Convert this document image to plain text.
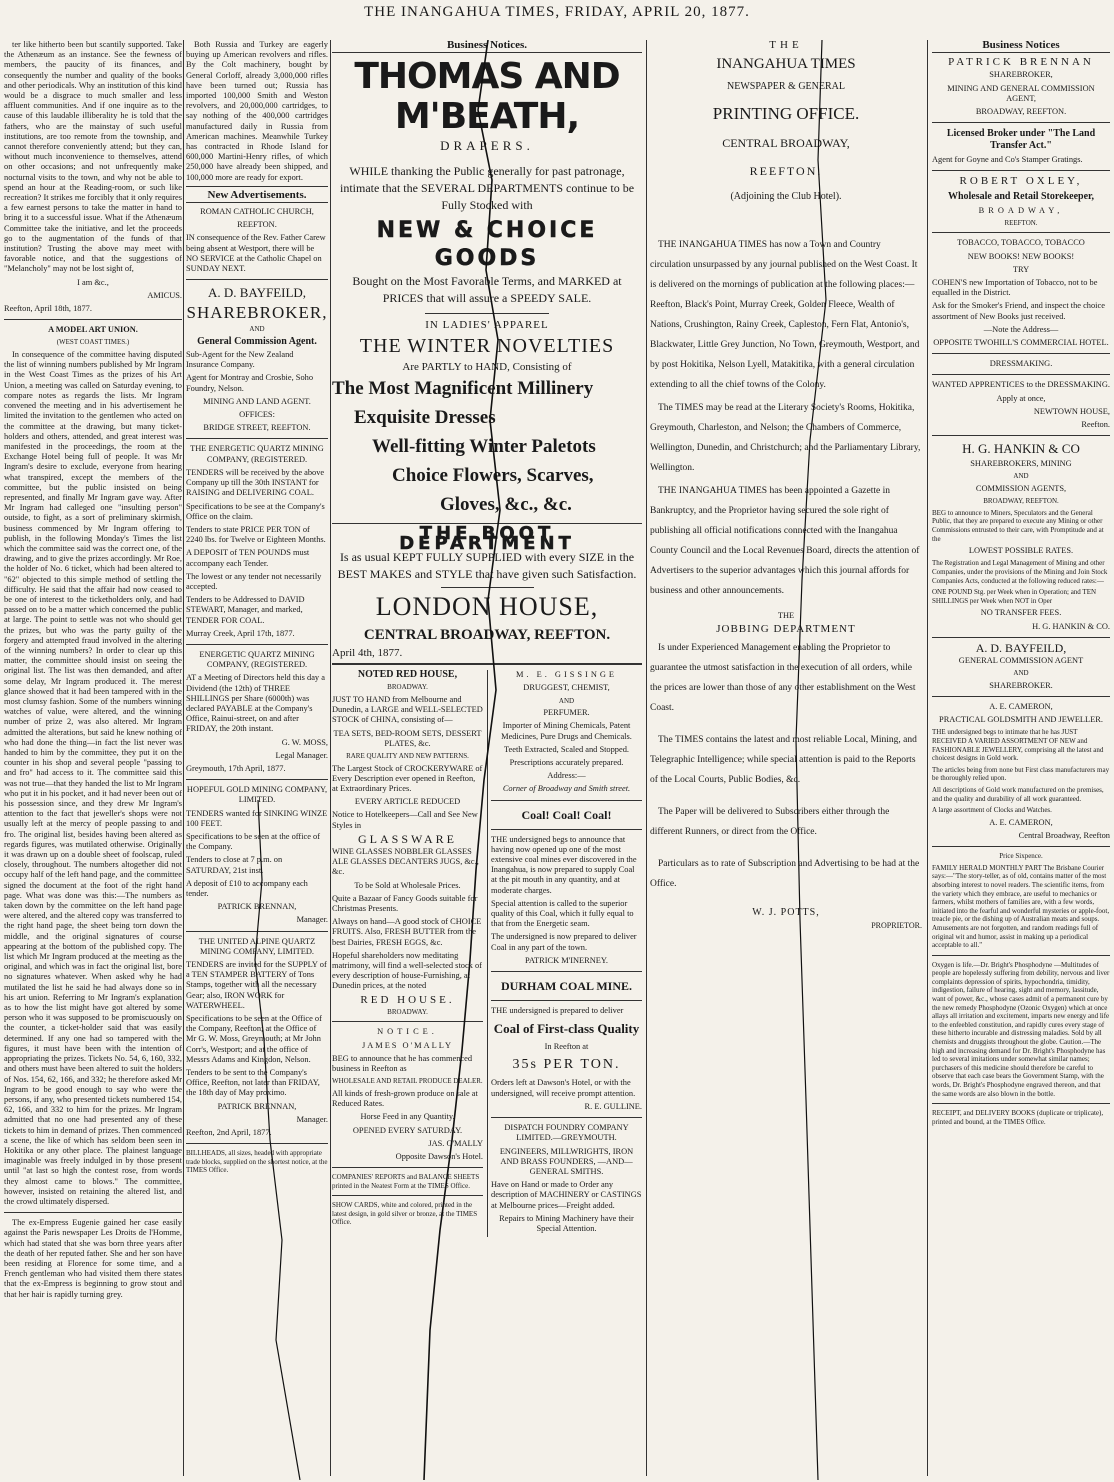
THE INANGAHUA TIMES, FRIDAY, APRIL 20, 1877.

ter like hitherto been but scantily supported. Take the Athenæum as an instance. See the fewness of members, the paucity of its finances, and consequently the number and quality of the books and other periodicals. Why an institution of this kind would be a disgrace to much smaller and less affluent communities. And if one inquire as to the cause of this laudable illiberality he is told that the fathers, who are the mainstay of such useful institutions, are too remote from the township, and cannot therefore conveniently attend; but they can, without much inconvenience to themselves, attend on other occasions; and not unfrequently make nocturnal visits to the town, and why not be able to spend an hour at the Reading-room, or such like recreation? It strikes me forcibly that it only requires a few earnest persons to take the matter in hand to bring it to a successful issue. What if the Athenæum Committee take the initiative, and let the proceeds go to the augmentation of the funds of that institution? Trusting the above may meet with favorable notice, and that the suggestions of "Melancholy" may not be lost sight of,

I am &c.,

AMICUS.

Reefton, April 18th, 1877.

A MODEL ART UNION.

(WEST COAST TIMES.)

In consequence of the committee having disputed the list of winning numbers published by Mr Ingram in the West Coast Times as the prizes of his Art Union, a meeting was called on Saturday evening, to compare notes as regards the lists. Mr Ingram convened the meeting and in his advertisement he limited the invitation to the gentlemen who acted on the committee at the drawing, but many ticket-holders and others, attended, and great interest was manifested in the proceedings, the room at the Exchange Hotel being full of people. It was Mr Ingram's desire to exclude, everyone from hearing what transpired, except the members of the committee, but the public insisted on being represented, and finally Mr Ingram gave way. After Mr Ingram had calleged one "insulting person" outside, to fight, as a sort of preliminary skirmish, business commenced by Mr Ingram offering to publish, in the following Monday's Times the list which the committee said was the correct one, of the drawing, and to give the prizes accordingly. Mr Roe, the holder of No. 6 ticket, which had been altered to "62" objected to this simple method of settling the difficulty. He said that the affair had now ceased to be one of interest to the ticketholders only, and had passed on to be a matter which concerned the public at large. The point to settle was not who should get the prizes, but who was the party guilty of the forgery and attempted fraud involved in the altering of the winning numbers? In order to clear up this matter, the committee should insist on seeing the original list. The list was then demanded, and after some delay, Mr Ingram produced it. The merest glance showed that it had been tampered with in the most clumsy fashion. Some of the numbers winning watches of value, were altered, and the winning number of prize 2, was also altered. Mr Ingram admitted the alterations, but said he knew nothing of who had done the thing—in fact the list never was handed to him by the committee, they put it on the counter in his shop and several people "passing to and fro" had access to it. The committee said this was not true—that they handed the list to Mr Ingram who put it in his pocket, and it had never been out of his possession since, and they drew Mr Ingram's attention to the fact that jeweller's shops were not usually left at the mercy of people passing to and fro. The original list, besides having been altered as regards figures, was mutilated otherwise. Originally it was drawn up on a double sheet of foolscap, ruled closely, throughout. The numbers altogether did not occupy half of the left hand page, and the committee signed the document at the foot of the right hand page. What was done was this:—The numbers as taken down by the committee on the left hand page were altered, and the altered copy was transferred to the right hand page, the sheet being torn down the middle, and the original signatures of course appearing at the bottom of the published copy. The list which Mr Ingram produced at the meeting as the original, and which was in fact the original list, bore no signatures whatever. When asked why he had mutilated the list he said he had always done so in his art union. Referring to Mr Ingram's explanation as to how the list might have got altered by some person who it was supposed to be promiscuously on the counter, a ticket-holder said that was easily determined. If any one had so tampered with the figures, it must have been with the intention of appropriating the prizes. Tickets No. 54, 6, 160, 332, and others must have been altered to suit the holders of Nos. 154, 62, 166, and 332; he therefore asked Mr Ingram to be good enough to say who were the persons, if any, who presented tickets numbered 154, 62, 166, and 332 to him for the prizes. Mr Ingram admitted that no one had presented any of these tickets to him in demand of prizes. Then commenced a scene, the like of which has seldom been seen in Hokitika or any other place. The plainest language imaginable was freely indulged in by those present until "at last so high the contest rose, from words they almost came to blows." The committee, however, insisted on retaining the altered list, and the crowd ultimately dispersed.

The ex-Empress Eugenie gained her case easily against the Paris newspaper Les Droits de l'Homme, which had stated that she was born three years after the death of her reputed father. She and her son have been residing at Florence for some time, and a French gentleman who had visited them there states that the ex-Empress is beginning to grow stout and that her hair is rapidly turning grey.

Both Russia and Turkey are eagerly buying up American revolvers and rifles. By the Colt machinery, bought by General Corloff, already 3,000,000 rifles have been turned out; Russia has imported 100,000 Smith and Weston revolvers, and 20,000,000 cartridges, to say nothing of the 400,000 cartridges manufactured daily in Russia from American machines. Meanwhile Turkey has contracted in Rhode Island for 600,000 Martini-Henry rifles, of which 250,000 have already been shipped, and 100,000 more are ready for export.

New Advertisements.

ROMAN CATHOLIC CHURCH,

REEFTON.

IN consequence of the Rev. Father Carew being absent at Westport, there will be NO SERVICE at the Catholic Chapel on SUNDAY NEXT.

A. D. BAYFEILD,

SHAREBROKER,

AND

General Commission Agent.

Sub-Agent for the New Zealand Insurance Company.

Agent for Montray and Crosbie, Soho Foundry, Nelson.

MINING AND LAND AGENT.

OFFICES:

BRIDGE STREET, REEFTON.

THE ENERGETIC QUARTZ MINING COMPANY, (REGISTERED.

TENDERS will be received by the above Company up till the 30th INSTANT for RAISING and DELIVERING COAL.

Specifications to be see at the Company's Office on the claim.

Tenders to state PRICE PER TON of 2240 lbs. for Twelve or Eighteen Months.

A DEPOSIT of TEN POUNDS must accompany each Tender.

The lowest or any tender not necessarily accepted.

Tenders to be Addressed to DAVID STEWART, Manager, and marked, TENDER FOR COAL.

Murray Creek, April 17th, 1877.

ENERGETIC QUARTZ MINING COMPANY, (REGISTERED.

AT a Meeting of Directors held this day a Dividend (the 12th) of THREE SHILLINGS per Share (6000th) was declared PAYABLE at the Company's Office, Rainui-street, on and after FRIDAY, the 20th instant.

G. W. MOSS,

Legal Manager.

Greymouth, 17th April, 1877.

HOPEFUL GOLD MINING COMPANY, LIMITED.

TENDERS wanted for SINKING WINZE 100 FEET.

Specifications to be seen at the office of the Company.

Tenders to close at 7 p.m. on SATURDAY, 21st inst.

A deposit of £10 to accompany each tender.

PATRICK BRENNAN,

Manager.

THE UNITED ALPINE QUARTZ MINING COMPANY, LIMITED.

TENDERS are invited for the SUPPLY of a TEN STAMPER BATTERY of Tons Stamps, together with all the necessary Gear; also, IRON WORK for WATERWHEEL.

Specifications to be seen at the Office of the Company, Reefton; at the Office of Mr G. W. Moss, Greymouth; at Mr John Corr's, Westport; and at the office of Messrs Adams and Kingdon, Nelson.

Tenders to be sent to the Company's Office, Reefton, not later than FRIDAY, the 18th day of May proximo.

PATRICK BRENNAN,

Manager.

Reefton, 2nd April, 1877.

BILLHEADS, all sizes, headed with appropriate trade blocks, supplied on the shortest notice, at the TIMES Office.

Business Notices.
THOMAS AND M'BEATH,

DRAPERS.

WHILE thanking the Public generally for past patronage, intimate that the SEVERAL DEPARTMENTS continue to be Fully Stocked with

NEW & CHOICE GOODS

Bought on the Most Favorable Terms, and MARKED at PRICES that will assure a SPEEDY SALE.

IN LADIES' APPAREL

THE WINTER NOVELTIES

Are PARTLY to HAND, Consisting of

The Most Magnificent Millinery

Exquisite Dresses

Well-fitting Winter Paletots

Choice Flowers, Scarves,

Gloves, &c., &c.

THE BOOT DEPARTMENT

Is as usual KEPT FULLY SUPPLIED with every SIZE in the BEST MAKES and STYLE that have given such Satisfaction.

LONDON HOUSE,

CENTRAL BROADWAY, REEFTON.

April 4th, 1877.

NOTED RED HOUSE,

BROADWAY.

JUST TO HAND from Melbourne and Dunedin, a LARGE and WELL-SELECTED STOCK of CHINA, consisting of—

TEA SETS, BED-ROOM SETS, DESSERT PLATES, &c.

RARE QUALITY AND NEW PATTERNS.

The Largest Stock of CROCKERYWARE of Every Description ever opened in Reefton, at Extraordinary Prices.

EVERY ARTICLE REDUCED

Notice to Hotelkeepers—Call and See New Styles in

GLASSWARE

WINE GLASSES NOBBLER GLASSES ALE GLASSES DECANTERS JUGS, &c., &c.

To be Sold at Wholesale Prices.

Quite a Bazaar of Fancy Goods suitable for Christmas Presents.

Always on hand—A good stock of CHOICE FRUITS. Also, FRESH BUTTER from the best Dairies, FRESH EGGS, &c.

Hopeful shareholders now meditating matrimony, will find a well-selected stock of every description of house-Furnishing, at Dunedin prices, at the noted

RED HOUSE.

BROADWAY.

NOTICE.

JAMES O'MALLY

BEG to announce that he has commenced business in Reefton as

WHOLESALE AND RETAIL PRODUCE DEALER.

All kinds of fresh-grown produce on sale at Reduced Rates.

Horse Feed in any Quantity.

OPENED EVERY SATURDAY.

JAS. O'MALLY

Opposite Dawson's Hotel.

COMPANIES' REPORTS and BALANCE SHEETS printed in the Neatest Form at the TIMES Office.

SHOW CARDS, white and colored, printed in the latest design, in gold silver or bronze, at the TIMES Office.

M. E. GISSINGE

DRUGGEST, CHEMIST,

AND

PERFUMER.

Importer of Mining Chemicals, Patent Medicines, Pure Drugs and Chemicals.

Teeth Extracted, Scaled and Stopped.

Prescriptions accurately prepared.

Address:—

Corner of Broadway and Smith street.

Coal! Coal! Coal!

THE undersigned begs to announce that having now opened up one of the most extensive coal mines ever discovered in the Inangahua, is now prepared to supply Coal at the pit mouth in any quantity, and at moderate charges.

Special attention is called to the superior quality of this Coal, which it fully equal to that from the Energetic seam.

The undersigned is now prepared to deliver Coal in any part of the town.

PATRICK M'INERNEY.

DURHAM COAL MINE.

THE undersigned is prepared to deliver

Coal of First-class Quality

In Reefton at

35s PER TON.

Orders left at Dawson's Hotel, or with the undersigned, will receive prompt attention.

R. E. GULLINE.

DISPATCH FOUNDRY COMPANY LIMITED.—GREYMOUTH.

ENGINEERS, MILLWRIGHTS, IRON AND BRASS FOUNDERS, —AND— GENERAL SMITHS.

Have on Hand or made to Order any description of MACHINERY or CASTINGS at Melbourne prices—Freight added.

Repairs to Mining Machinery have their Special Attention.

THE

INANGAHUA TIMES

NEWSPAPER & GENERAL

PRINTING OFFICE.

CENTRAL BROADWAY,

REEFTON.

(Adjoining the Club Hotel).

THE INANGAHUA TIMES has now a Town and Country circulation unsurpassed by any journal published on the West Coast. It is delivered on the mornings of publication at the following places:—Reefton, Black's Point, Murray Creek, Golden Fleece, Wealth of Nations, Crushington, Rainy Creek, Capleston, Fern Flat, Antonio's, Blackwater, Little Grey Junction, No Town, Greymouth, Westport, and by post Hokitika, Nelson Lyell, Matakitika, with a general circulation extending to all the chief towns of the Colony.

The TIMES may be read at the Literary Society's Rooms, Hokitika, Greymouth, Charleston, and Nelson; the Chambers of Commerce, Wellington, Dunedin, and Christchurch; and the Parliamentary Library, Wellington.

THE INANGAHUA TIMES has been appointed a Gazette in Bankruptcy, and the Proprietor having secured the sole right of publishing all official notifications connected with the Inangahua County Council and the Local Revenues Board, directs the attention of Advertisers to the superior advantages which this journal affords for business and other announcements.

THE

JOBBING DEPARTMENT

Is under Experienced Management enabling the Proprietor to guarantee the utmost satisfaction in the execution of all orders, while the prices are lower than those of any other establishment on the West Coast.

The TIMES contains the latest and most reliable Local, Mining, and Telegraphic Intelligence; while special attention is paid to the Reports of the Local Courts, Public Bodies, &c.

The Paper will be delivered to Subscribers either through the different Runners, or direct from the Office.

Particulars as to rate of Subscription and Advertising to be had at the Office.

W. J. POTTS,

PROPRIETOR.

Business Notices

PATRICK BRENNAN

SHAREBROKER,

MINING AND GENERAL COMMISSION AGENT,

BROADWAY, REEFTON.

Licensed Broker under "The Land Transfer Act."

Agent for Goyne and Co's Stamper Gratings.

ROBERT OXLEY,

Wholesale and Retail Storekeeper,

BROADWAY,

REEFTON.

TOBACCO, TOBACCO, TOBACCO

NEW BOOKS! NEW BOOKS!

TRY

COHEN'S new Importation of Tobacco, not to be equalled in the District.

Ask for the Smoker's Friend, and inspect the choice assortment of New Books just received.

—Note the Address—

OPPOSITE TWOHILL'S COMMERCIAL HOTEL.

DRESSMAKING.

WANTED APPRENTICES to the DRESSMAKING.

Apply at once,

NEWTOWN HOUSE,

Reefton.

H. G. HANKIN & CO

SHAREBROKERS, MINING

AND

COMMISSION AGENTS,

BROADWAY, REEFTON.

BEG to announce to Miners, Speculators and the General Public, that they are prepared to execute any Mining or other Commissions entrusted to their care, with Promptitude and at the

LOWEST POSSIBLE RATES.

The Registration and Legal Management of Mining and other Companies, under the provisions of the Mining and Join Stock Companies Acts, conducted at the following reduced rates:—

ONE POUND Stg. per Week when in Operation; and TEN SHILLINGS per Week when NOT in Oper

NO TRANSFER FEES.

H. G. HANKIN & CO.

A. D. BAYFEILD,

GENERAL COMMISSION AGENT

AND

SHAREBROKER.

A. E. CAMERON,

PRACTICAL GOLDSMITH AND JEWELLER.

THE undersigned begs to intimate that he has JUST RECEIVED A VARIED ASSORTMENT OF NEW and FASHIONABLE JEWELLERY, comprising all the latest and choicest designs in Gold work.

The articles being from none but First class manufacturers may be thoroughly relied upon.

All descriptions of Gold work manufactured on the premises, and the quality and durability of all work guaranteed.

A large assortment of Clocks and Watches.

A. E. CAMERON,

Central Broadway, Reefton

Price Sixpence.

FAMILY HERALD MONTHLY PART The Brisbane Courier says:—"The story-teller, as of old, contains matter of the most absorbing interest to novel readers. The scientific items, from the variety which they embrace, are useful to mechanics or farmers, whilst mothers of families are, with a few words, initiated into the fearful and wonderful mysteries or apple-foot, treacle pie, or the dishing up of Australian meats and soups. Amusements are not forgotten, and random readings full of original wit and humor, assist in making up a periodical acceptable to all."

Oxygen is life.—Dr. Bright's Phosphodyne —Multitudes of people are hopelessly suffering from debility, nervous and liver complaints depression of spirits, hypochondria, timidity, indigestion, failure of hearing, sight and memory, lassitude, want of power, &c., whose cases admit of a permanent cure by the new remedy Phosphodyne (Ozonic Oxygen) which at once allays all irritation and excitement, imparts new energy and life to the enfeebled constitution, and rapidly cures every stage of these hitherto incurable and distressing maladies. Sold by all chemists and druggists throughout the globe. Caution.—The high and increasing demand for Dr. Bright's Phosphodyne has led to several imitations under somewhat similar names; purchasers of this medicine should therefore be careful to observe that each case bears the Government Stamp, with the words, Dr. Bright's Phosphodyne engraved thereon, and that the same words are also blown in the bottle.

RECEIPT, and DELIVERY BOOKS (duplicate or triplicate), printed and bound, at the TIMES Office.
